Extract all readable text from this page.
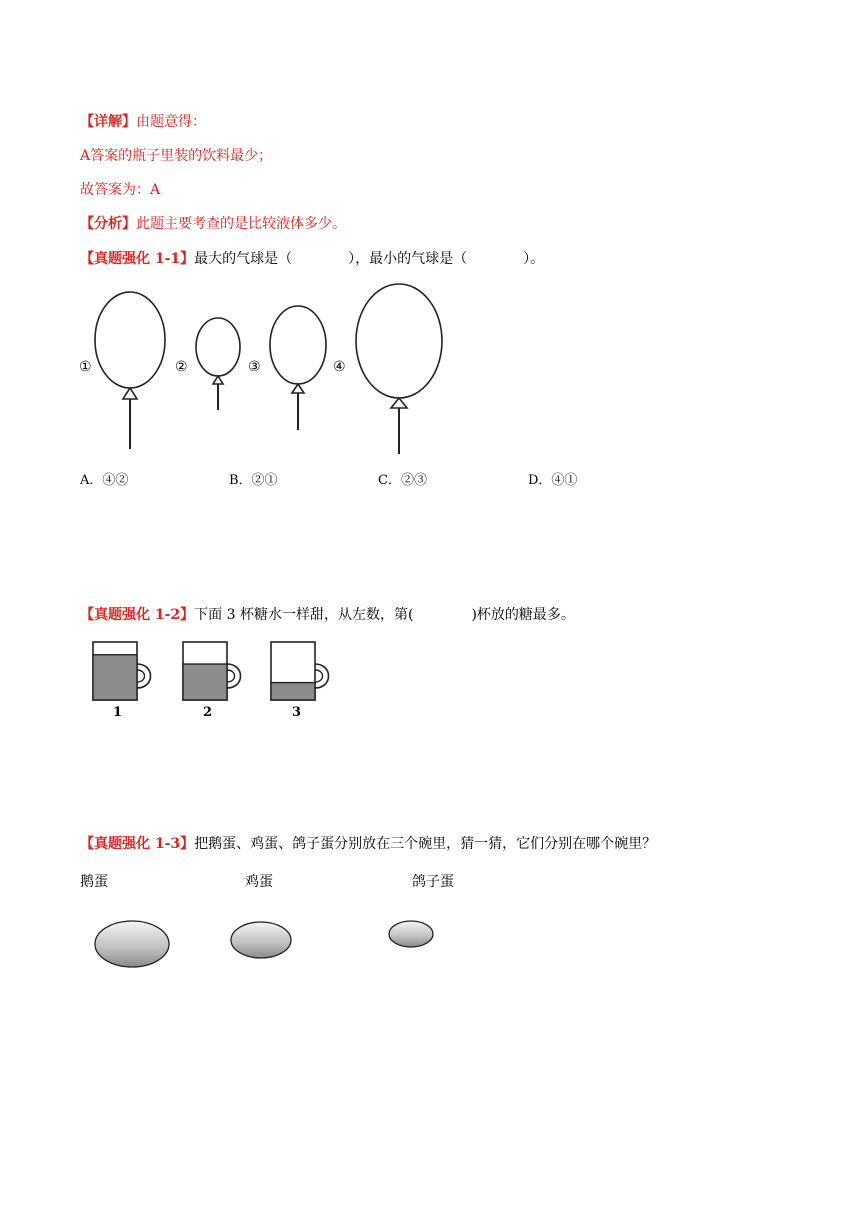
【详解】由题意得：
A答案的瓶子里装的饮料最少；
故答案为：A
【分析】此题主要考查的是比较液体多少。
【真题强化 1-1】最大的气球是（	），最小的气球是（	）。
①	②	③	④
A．④②	B．②①	C．②③	D．④①
【真题强化 1-2】下面 3 杯糖水一样甜，从左数，第(	)杯放的糖最多。
1	2	3
【真题强化 1-3】把鹅蛋、鸡蛋、鸽子蛋分别放在三个碗里，猜一猜，它们分别在哪个碗里？
鹅蛋	鸡蛋	鸽子蛋
